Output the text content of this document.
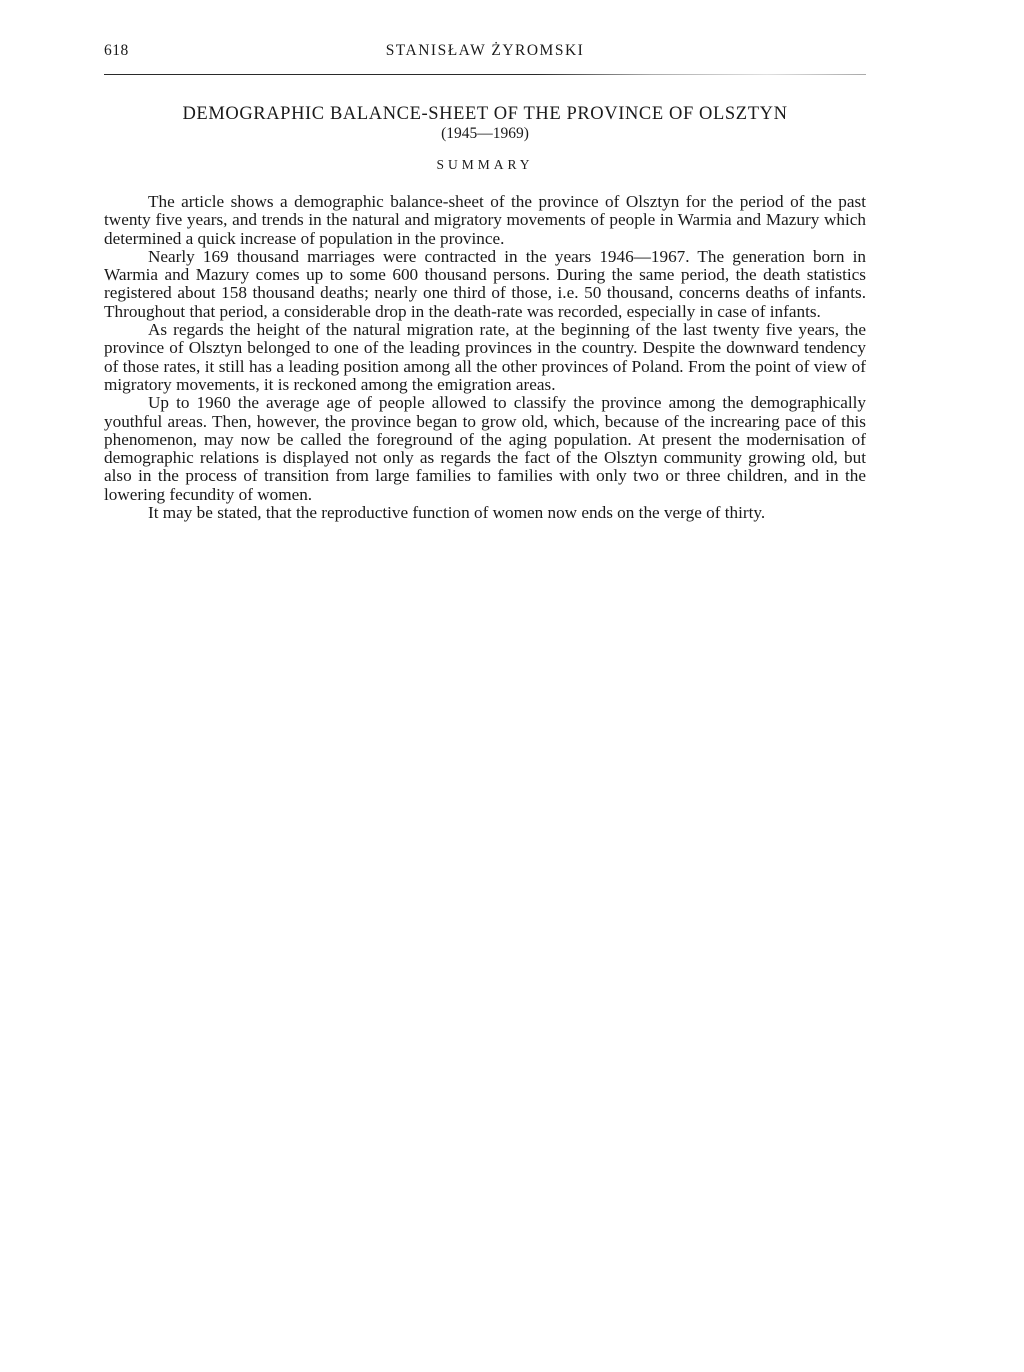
618	STANISŁAW ŻYROMSKI
DEMOGRAPHIC BALANCE-SHEET OF THE PROVINCE OF OLSZTYN
(1945—1969)
SUMMARY

The article shows a demographic balance-sheet of the province of Olsztyn for the period of the past twenty five years, and trends in the natural and migratory movements of people in Warmia and Mazury which determined a quick increase of population in the province.

Nearly 169 thousand marriages were contracted in the years 1946—1967. The generation born in Warmia and Mazury comes up to some 600 thousand persons. During the same period, the death statistics registered about 158 thousand deaths; nearly one third of those, i.e. 50 thousand, concerns deaths of infants. Throughout that period, a considerable drop in the death-rate was recorded, especially in case of infants.

As regards the height of the natural migration rate, at the beginning of the last twenty five years, the province of Olsztyn belonged to one of the leading provinces in the country. Despite the downward tendency of those rates, it still has a leading position among all the other provinces of Poland. From the point of view of migratory movements, it is reckoned among the emigration areas.

Up to 1960 the average age of people allowed to classify the province among the demographically youthful areas. Then, however, the province began to grow old, which, because of the increaring pace of this phenomenon, may now be called the foreground of the aging population. At present the modernisation of demographic relations is displayed not only as regards the fact of the Olsztyn community growing old, but also in the process of transition from large families to families with only two or three children, and in the lowering fecundity of women.

It may be stated, that the reproductive function of women now ends on the verge of thirty.
